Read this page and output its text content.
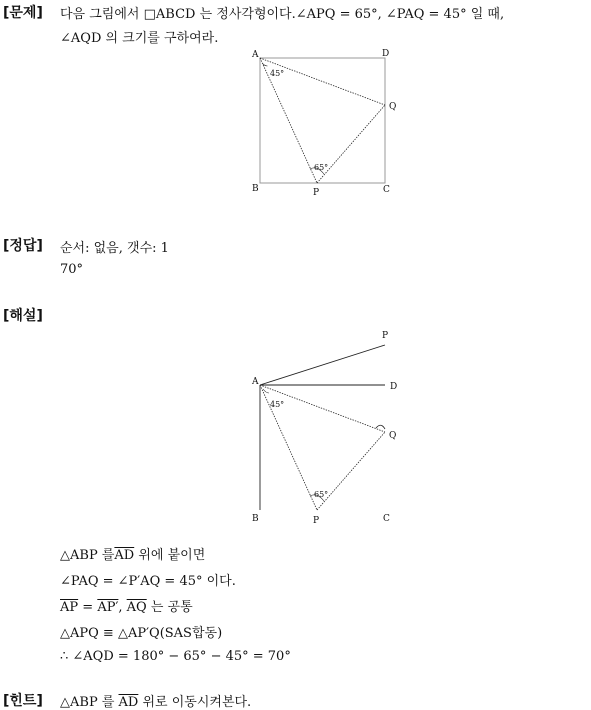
[문제] 다음 그림에서 □ABCD 는 정사각형이다.∠APQ = 65°, ∠PAQ = 45° 일 때,
∠AQD 의 크기를 구하여라.
A	D
Q
B	P	C
45°
65°
[정답] 순서: 없음, 갯수: 1
70°
[해설]
P
A	D
Q
B	P	C
45°
65°
△ABP 를$\overline{AD}$ 위에 붙이면
∠PAQ = ∠P′AQ = 45° 이다.
$\overline{AP} = AP'$, $\overline{AQ}$ 는 공통
△APQ ≡ △AP′Q(SAS합동)
∴ ∠AQD = 180° − 65° − 45° = 70°
[힌트] △ABP 를 $\overline{AD}$ 위로 이동시켜본다.
